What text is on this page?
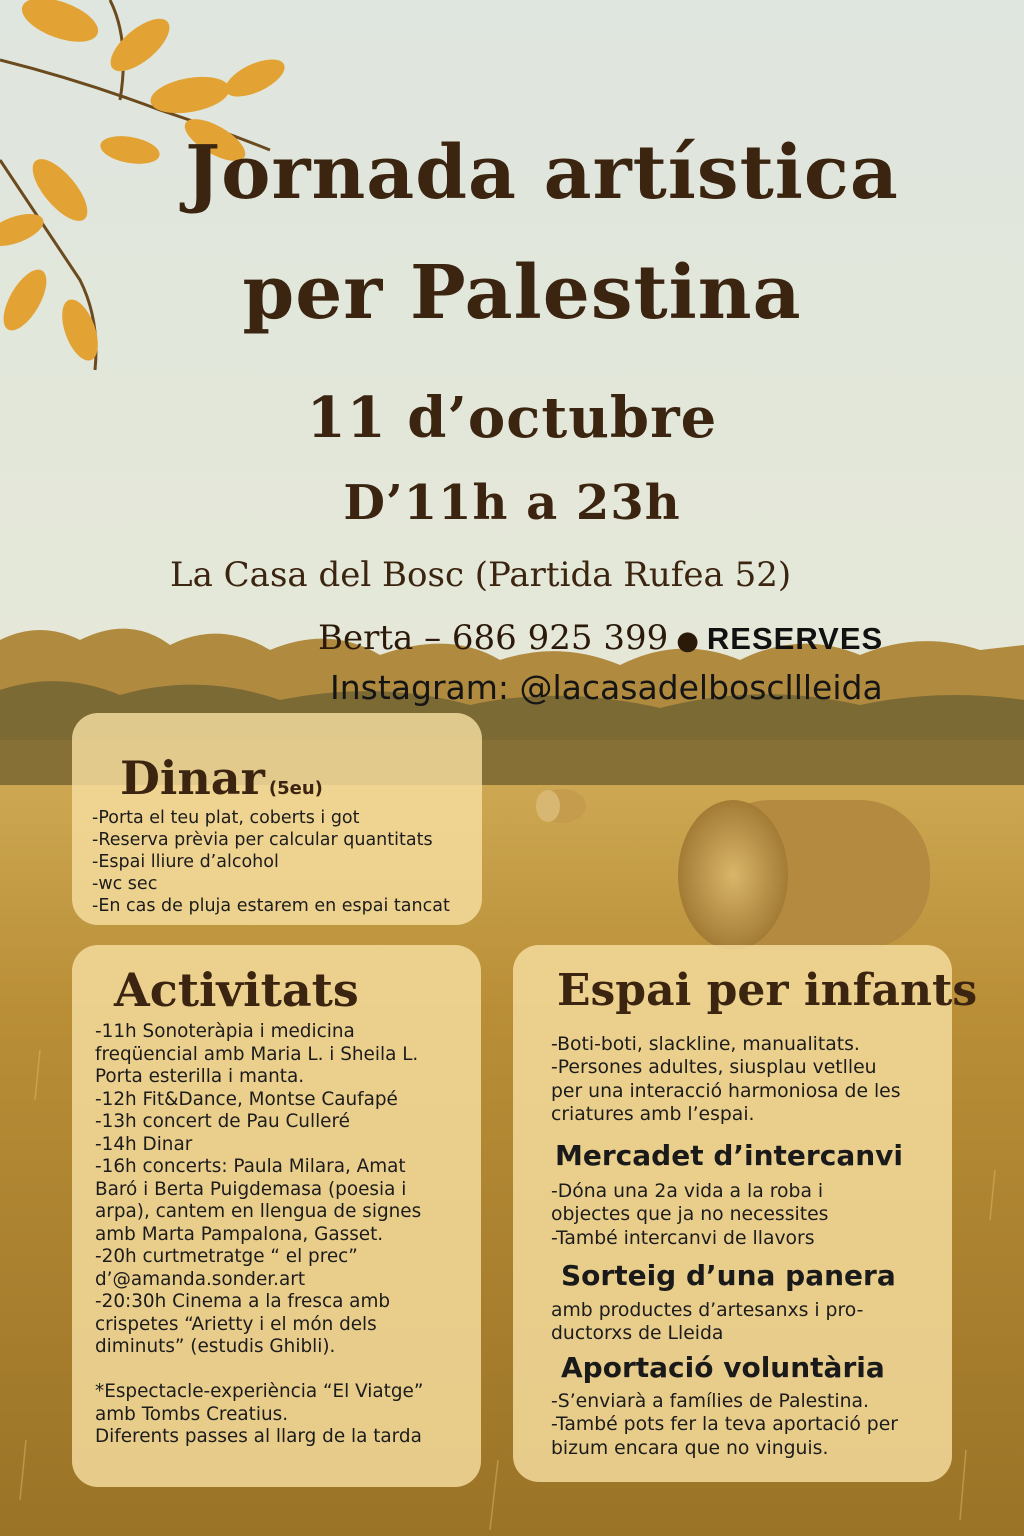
Jornada artística
per Palestina
11 d’octubre
D’11h a 23h
La Casa del Bosc (Partida Rufea 52)
Berta – 686 925 399 ● RESERVES
Instagram: @lacasadelboscllleida
Dinar (5eu)
-Porta el teu plat, coberts i got
-Reserva prèvia per calcular quantitats
-Espai lliure d’alcohol
-wc sec
-En cas de pluja estarem en espai tancat
Activitats
-11h Sonoteràpia i medicina
freqüencial amb Maria L. i Sheila L.
Porta esterilla i manta.
-12h Fit&Dance, Montse Caufapé
-13h concert de Pau Culleré
-14h Dinar
-16h concerts: Paula Milara, Amat
Baró i Berta Puigdemasa (poesia i
arpa), cantem en llengua de signes
amb Marta Pampalona, Gasset.
-20h curtmetratge “ el prec”
d’@amanda.sonder.art
-20:30h Cinema a la fresca amb
crispetes “Arietty i el món dels
diminuts” (estudis Ghibli).
*Espectacle-experiència “El Viatge”
amb Tombs Creatius.
Diferents passes al llarg de la tarda
Espai per infants
-Boti-boti, slackline, manualitats.
-Persones adultes, siusplau vetlleu
per una interacció harmoniosa de les
criatures amb l’espai.
Mercadet d’intercanvi
-Dóna una 2a vida a la roba i
objectes que ja no necessites
-També intercanvi de llavors
Sorteig d’una panera
amb productes d’artesanxs i pro-
ductorxs de Lleida
Aportació voluntària
-S’enviarà a famílies de Palestina.
-També pots fer la teva aportació per
bizum encara que no vinguis.
